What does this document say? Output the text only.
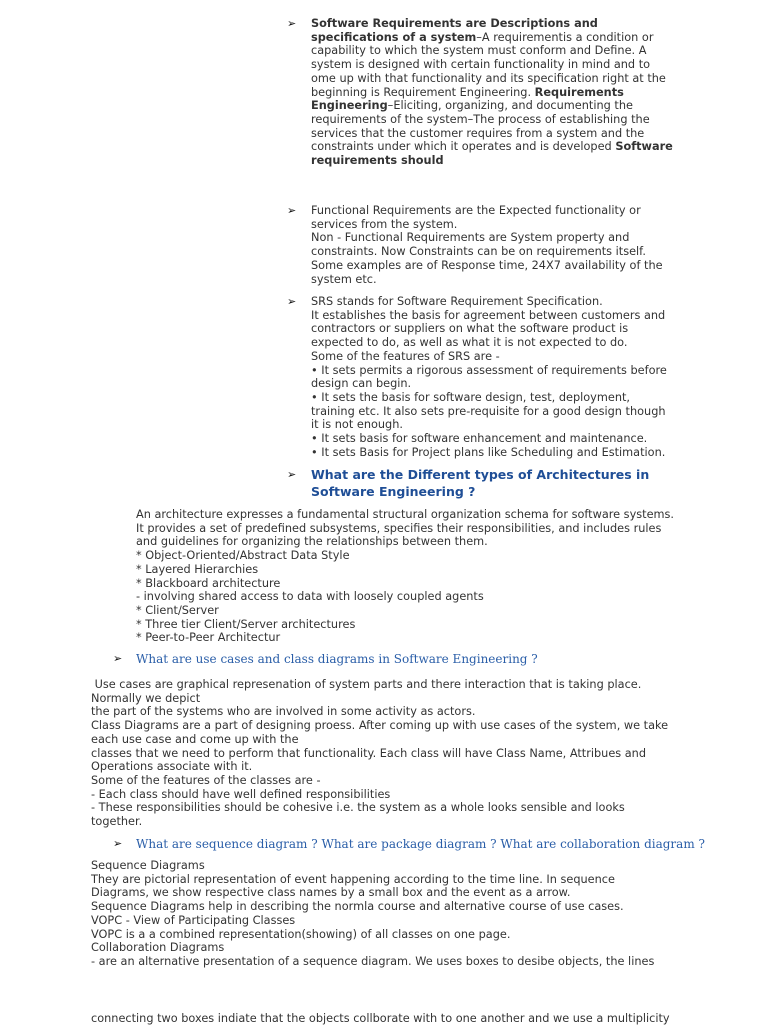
➢ Software Requirements are Descriptions and
specifications of a system–A requirementis a condition or
capability to which the system must conform and Define. A
system is designed with certain functionality in mind and to
ome up with that functionality and its specification right at the
beginning is Requirement Engineering. Requirements
Engineering–Eliciting, organizing, and documenting the
requirements of the system–The process of establishing the
services that the customer requires from a system and the
constraints under which it operates and is developed Software
requirements should
➢ Functional Requirements are the Expected functionality or
services from the system.
Non - Functional Requirements are System property and
constraints. Now Constraints can be on requirements itself.
Some examples are of Response time, 24X7 availability of the
system etc.
➢ SRS stands for Software Requirement Specification.
It establishes the basis for agreement between customers and
contractors or suppliers on what the software product is
expected to do, as well as what it is not expected to do.
Some of the features of SRS are -
• It sets permits a rigorous assessment of requirements before
design can begin.
• It sets the basis for software design, test, deployment,
training etc. It also sets pre-requisite for a good design though
it is not enough.
• It sets basis for software enhancement and maintenance.
• It sets Basis for Project plans like Scheduling and Estimation.
➢ What are the Different types of Architectures in
Software Engineering ?
An architecture expresses a fundamental structural organization schema for software systems.
It provides a set of predefined subsystems, specifies their responsibilities, and includes rules
and guidelines for organizing the relationships between them.
* Object-Oriented/Abstract Data Style
* Layered Hierarchies
* Blackboard architecture
- involving shared access to data with loosely coupled agents
* Client/Server
* Three tier Client/Server architectures
* Peer-to-Peer Architectur
➢ What are use cases and class diagrams in Software Engineering ?
Use cases are graphical represenation of system parts and there interaction that is taking place.
Normally we depict
the part of the systems who are involved in some activity as actors.
Class Diagrams are a part of designing proess. After coming up with use cases of the system, we take
each use case and come up with the
classes that we need to perform that functionality. Each class will have Class Name, Attribues and
Operations associate with it.
Some of the features of the classes are -
- Each class should have well defined responsibilities
- These responsibilities should be cohesive i.e. the system as a whole looks sensible and looks
together.
➢ What are sequence diagram ? What are package diagram ? What are collaboration diagram ?
Sequence Diagrams
They are pictorial representation of event happening according to the time line. In sequence
Diagrams, we show respective class names by a small box and the event as a arrow.
Sequence Diagrams help in describing the normla course and alternative course of use cases.
VOPC - View of Participating Classes
VOPC is a a combined representation(showing) of all classes on one page.
Collaboration Diagrams
- are an alternative presentation of a sequence diagram. We uses boxes to desibe objects, the lines
connecting two boxes indiate that the objects collborate with to one another and we use a multiplicity
